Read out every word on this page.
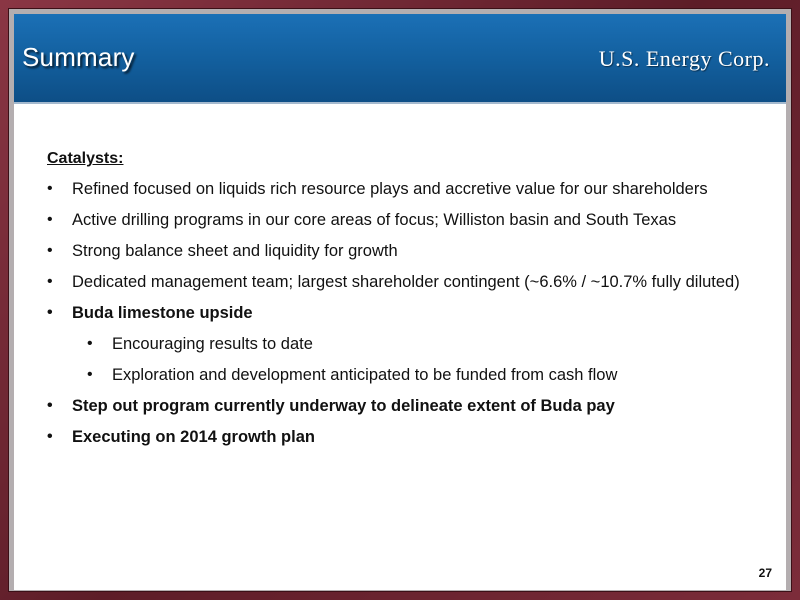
Summary	U.S. Energy Corp.
Catalysts:
• Refined focused on liquids rich resource plays and accretive value for our shareholders
• Active drilling programs in our core areas of focus; Williston basin and South Texas
• Strong balance sheet and liquidity for growth
• Dedicated management team; largest shareholder contingent (~6.6% / ~10.7% fully diluted)
• Buda limestone upside
• Encouraging results to date
• Exploration and development anticipated to be funded from cash flow
• Step out program currently underway to delineate extent of Buda pay
• Executing on 2014 growth plan
27
